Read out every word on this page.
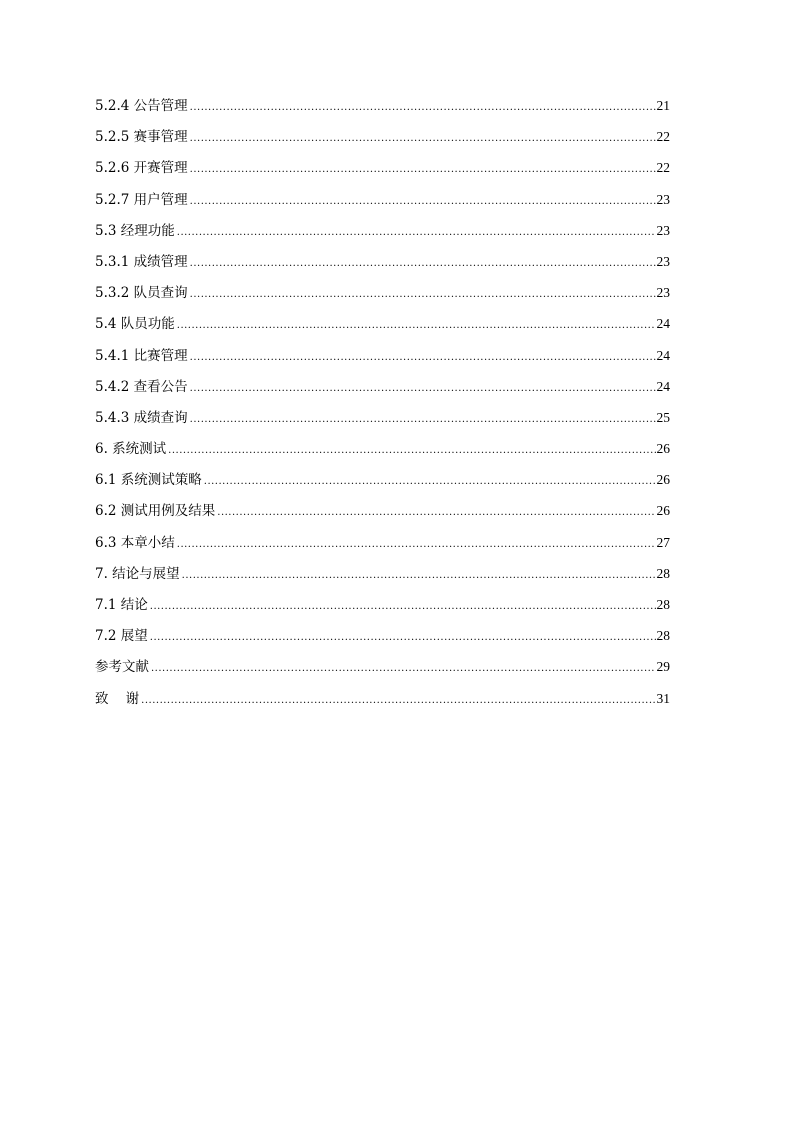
5.2.4 公告管理 .....	21
5.2.5 赛事管理 .....	22
5.2.6 开赛管理 .....	22
5.2.7 用户管理 .....	23
5.3 经理功能 .....	23
5.3.1 成绩管理 .....	23
5.3.2 队员查询 .....	23
5.4 队员功能 .....	24
5.4.1 比赛管理 .....	24
5.4.2 查看公告 .....	24
5.4.3 成绩查询 .....	25
6. 系统测试 .....	26
6.1 系统测试策略 .....	26
6.2 测试用例及结果 .....	26
6.3 本章小结 .....	27
7. 结论与展望 .....	28
7.1 结论 .....	28
7.2 展望 .....	28
参考文献 .....	29
致    谢 .....	31
